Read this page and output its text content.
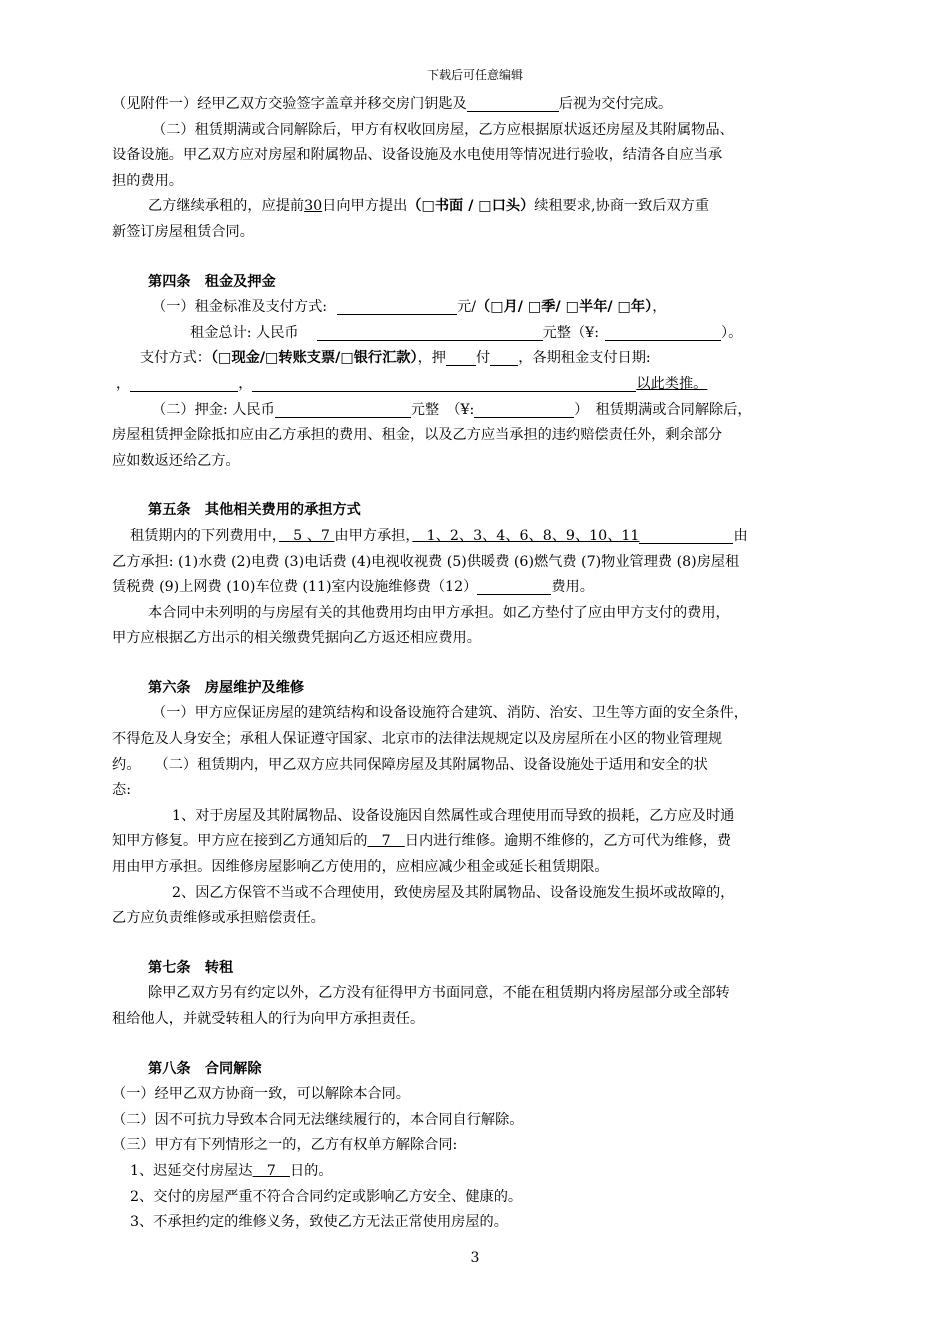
下载后可任意编辑
（见附件一）经甲乙双方交验签字盖章并移交房门钥匙及	后视为交付完成。
（二）租赁期满或合同解除后，甲方有权收回房屋，乙方应根据原状返还房屋及其附属物品、
设备设施。甲乙双方应对房屋和附属物品、设备设施及水电使用等情况进行验收，结清各自应当承
担的费用。
乙方继续承租的，应提前30日向甲方提出（□书面 / □口头）续租要求,协商一致后双方重
新签订房屋租赁合同。
第四条　租金及押金
（一）租金标准及支付方式:	元/（□月/ □季/ □半年/ □年），
租金总计: 人民币	元整（¥:	）。
支付方式：（□现金/□转账支票/□银行汇款），押 付 ，各期租金支付日期:
，	，	以此类推。
（二）押金: 人民币	元整　（¥:	）　租赁期满或合同解除后，
房屋租赁押金除抵扣应由乙方承担的费用、租金，以及乙方应当承担的违约赔偿责任外，剩余部分
应如数返还给乙方。
第五条　其他相关费用的承担方式
租赁期内的下列费用中，　5 、7 由甲方承担，　1、2、3、4、6、8、9、10、11	由
乙方承担: (1)水费 (2)电费 (3)电话费 (4)电视收视费 (5)供暖费 (6)燃气费 (7)物业管理费 (8)房屋租
赁税费 (9)上网费 (10)车位费 (11)室内设施维修费（12）	费用。
本合同中未列明的与房屋有关的其他费用均由甲方承担。如乙方垫付了应由甲方支付的费用，
甲方应根据乙方出示的相关缴费凭据向乙方返还相应费用。
第六条　房屋维护及维修
（一）甲方应保证房屋的建筑结构和设备设施符合建筑、消防、治安、卫生等方面的安全条件，
不得危及人身安全；承租人保证遵守国家、北京市的法律法规规定以及房屋所在小区的物业管理规
约。　　（二）租赁期内，甲乙双方应共同保障房屋及其附属物品、设备设施处于适用和安全的状
态:
1、对于房屋及其附属物品、设备设施因自然属性或合理使用而导致的损耗，乙方应及时通
知甲方修复。甲方应在接到乙方通知后的　7　日内进行维修。逾期不维修的，乙方可代为维修，费
用由甲方承担。因维修房屋影响乙方使用的，应相应减少租金或延长租赁期限。
2、因乙方保管不当或不合理使用，致使房屋及其附属物品、设备设施发生损坏或故障的，
乙方应负责维修或承担赔偿责任。
第七条　转租
除甲乙双方另有约定以外，乙方没有征得甲方书面同意，不能在租赁期内将房屋部分或全部转
租给他人，并就受转租人的行为向甲方承担责任。
第八条　合同解除
（一）经甲乙双方协商一致，可以解除本合同。
（二）因不可抗力导致本合同无法继续履行的，本合同自行解除。
（三）甲方有下列情形之一的，乙方有权单方解除合同:
1、迟延交付房屋达　7　日的。
2、交付的房屋严重不符合合同约定或影响乙方安全、健康的。
3、不承担约定的维修义务，致使乙方无法正常使用房屋的。
3
